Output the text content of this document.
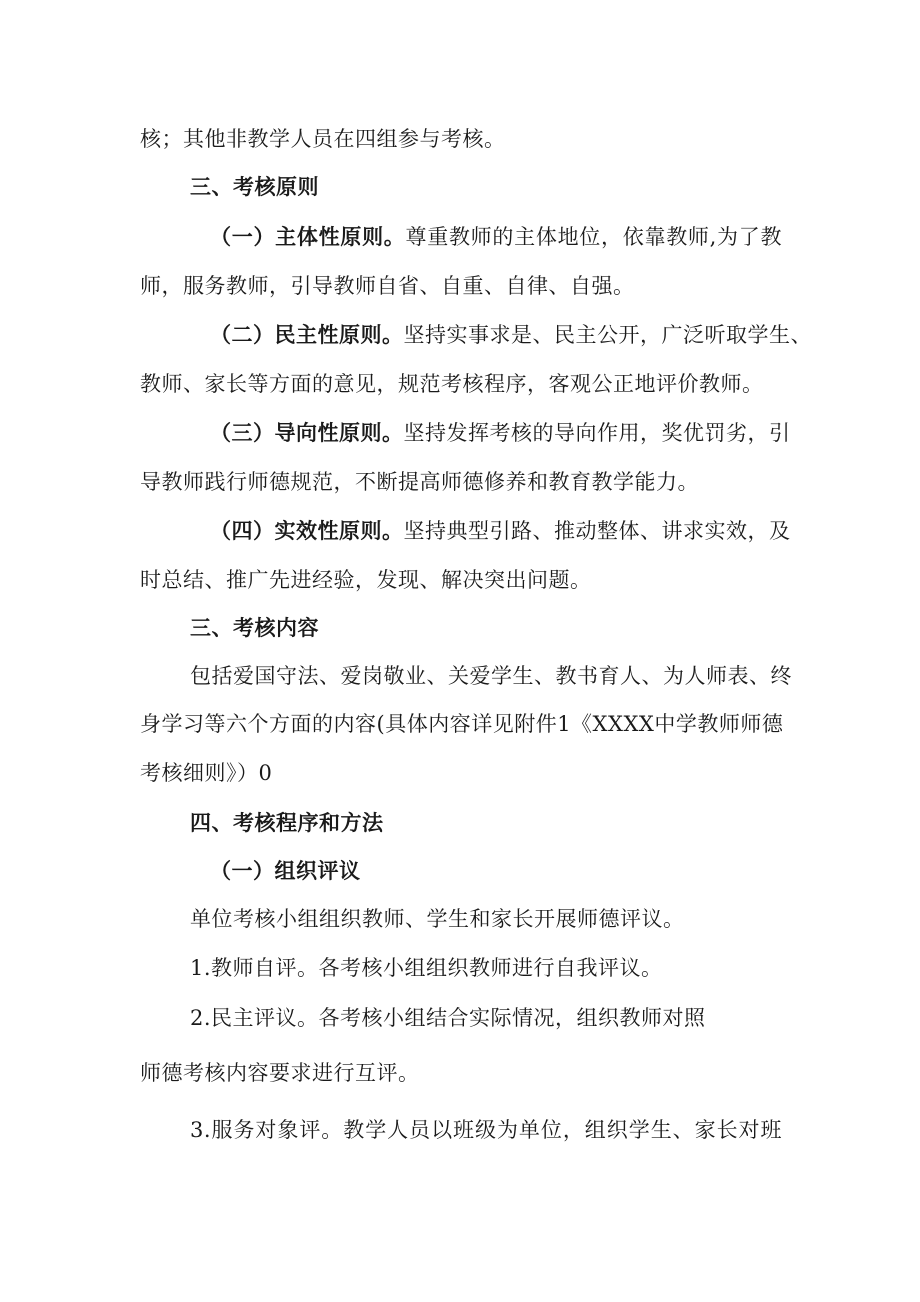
核；其他非教学人员在四组参与考核。

三、考核原则

（一）主体性原则。尊重教师的主体地位，依靠教师,为了教

师，服务教师，引导教师自省、自重、自律、自强。

（二）民主性原则。坚持实事求是、民主公开，广泛听取学生、

教师、家长等方面的意见，规范考核程序，客观公正地评价教师。

（三）导向性原则。坚持发挥考核的导向作用，奖优罚劣，引

导教师践行师德规范，不断提高师德修养和教育教学能力。

（四）实效性原则。坚持典型引路、推动整体、讲求实效，及

时总结、推广先进经验，发现、解决突出问题。

三、考核内容

包括爱国守法、爱岗敬业、关爱学生、教书育人、为人师表、终

身学习等六个方面的内容(具体内容详见附件1《XXXX中学教师师德

考核细则》）0

四、考核程序和方法

（一）组织评议

单位考核小组组织教师、学生和家长开展师德评议。

1.教师自评。各考核小组组织教师进行自我评议。

2.民主评议。各考核小组结合实际情况，组织教师对照

师德考核内容要求进行互评。

3.服务对象评。教学人员以班级为单位，组织学生、家长对班
